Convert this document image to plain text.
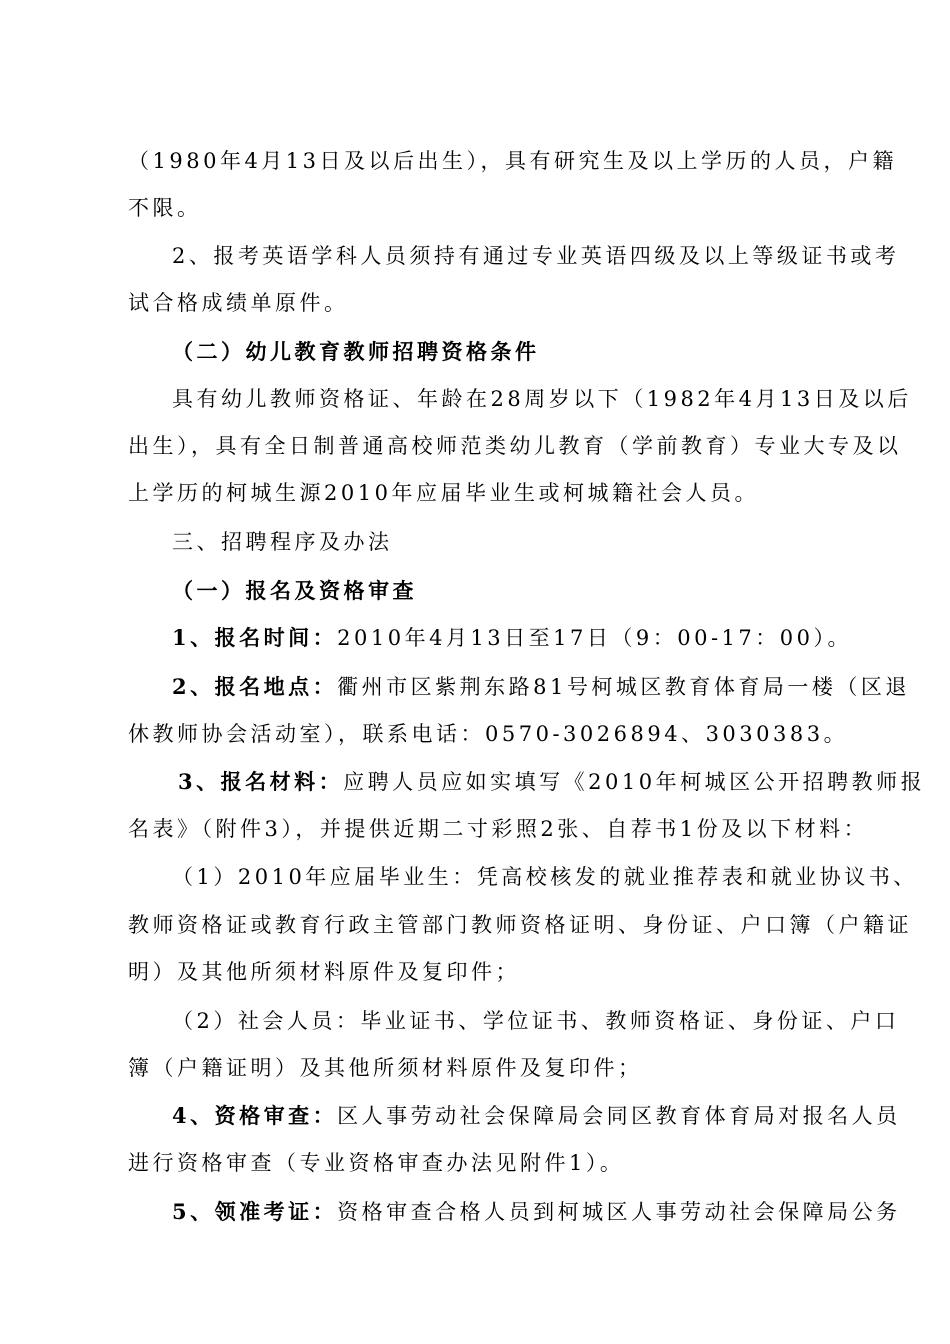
（1980年4月13日及以后出生），具有研究生及以上学历的人员，户籍
不限。
2、报考英语学科人员须持有通过专业英语四级及以上等级证书或考
试合格成绩单原件。
（二）幼儿教育教师招聘资格条件
具有幼儿教师资格证、年龄在28周岁以下（1982年4月13日及以后
出生），具有全日制普通高校师范类幼儿教育（学前教育）专业大专及以
上学历的柯城生源2010年应届毕业生或柯城籍社会人员。
三、招聘程序及办法
（一）报名及资格审查
1、报名时间：2010年4月13日至17日（9：00-17：00）。
2、报名地点：衢州市区紫荆东路81号柯城区教育体育局一楼（区退
休教师协会活动室），联系电话：0570-3026894、3030383。
3、报名材料：应聘人员应如实填写《2010年柯城区公开招聘教师报
名表》（附件3），并提供近期二寸彩照2张、自荐书1份及以下材料：
（1）2010年应届毕业生：凭高校核发的就业推荐表和就业协议书、
教师资格证或教育行政主管部门教师资格证明、身份证、户口簿（户籍证
明）及其他所须材料原件及复印件；
（2）社会人员：毕业证书、学位证书、教师资格证、身份证、户口
簿（户籍证明）及其他所须材料原件及复印件；
4、资格审查：区人事劳动社会保障局会同区教育体育局对报名人员
进行资格审查（专业资格审查办法见附件1）。
5、领准考证：资格审查合格人员到柯城区人事劳动社会保障局公务
